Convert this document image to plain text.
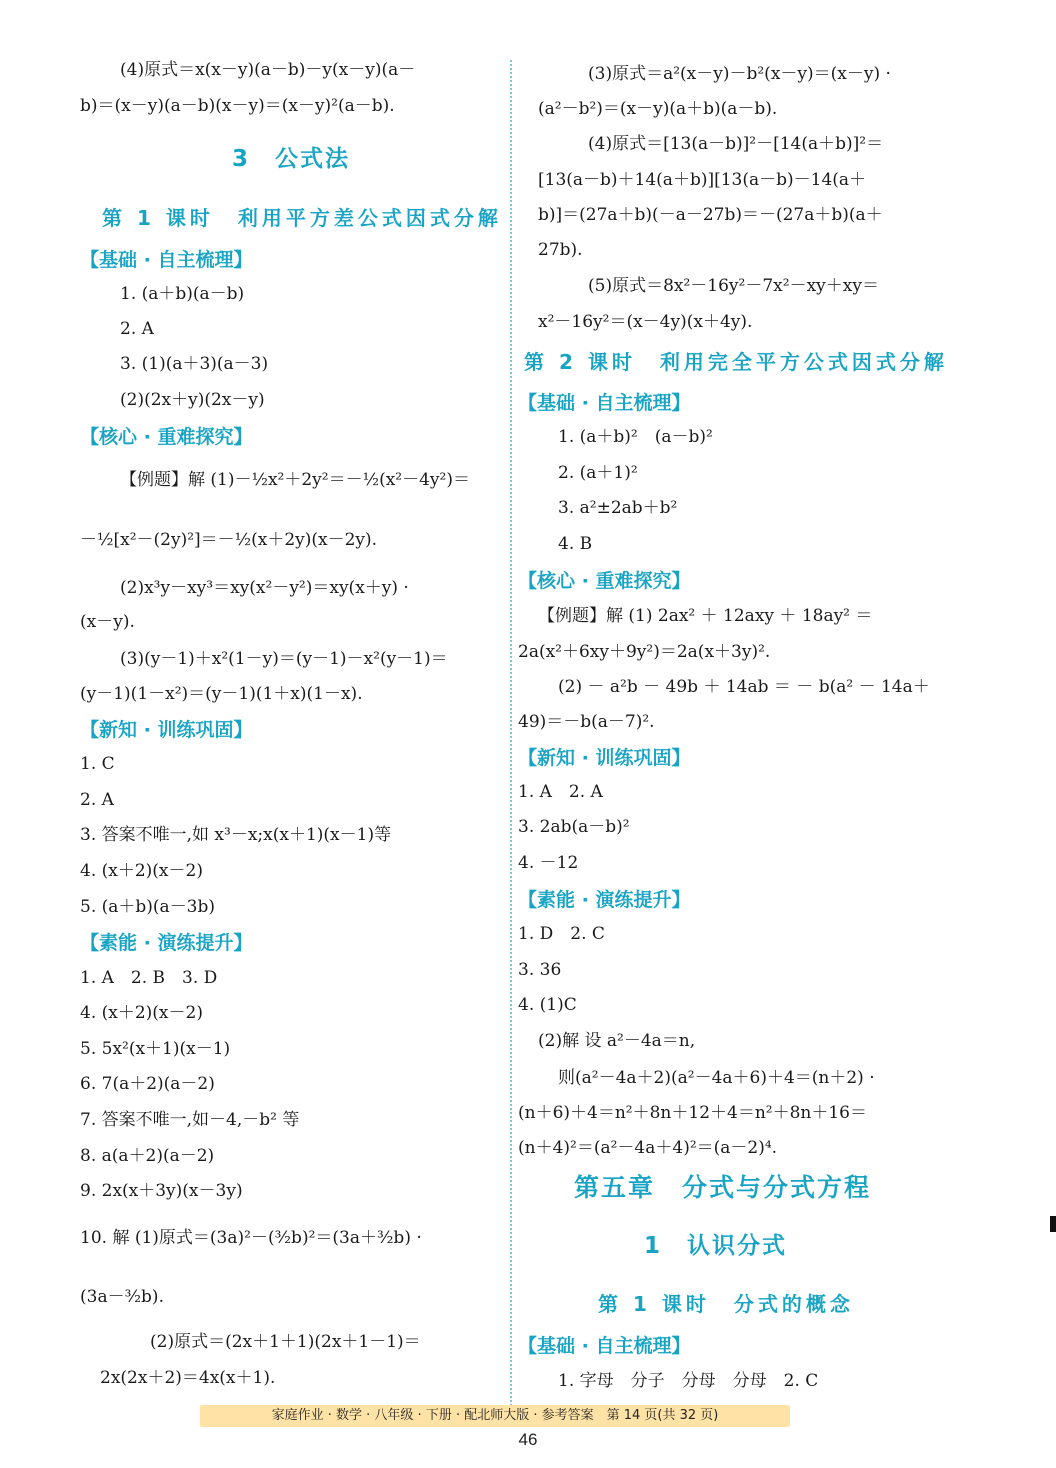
(4)原式＝x(x－y)(a－b)－y(x－y)(a－
b)＝(x－y)(a－b)(x－y)＝(x－y)²(a－b).
3　公式法
第 1 课时　利用平方差公式因式分解
【基础 · 自主梳理】
1. (a＋b)(a－b)
2. A
3. (1)(a＋3)(a－3)
(2)(2x＋y)(2x－y)
【核心 · 重难探究】
【例题】解 (1)－½x²＋2y²＝－½(x²－4y²)＝
－½[x²－(2y)²]＝－½(x＋2y)(x－2y).
(2)x³y－xy³＝xy(x²－y²)＝xy(x＋y) ·
(x－y).
(3)(y－1)＋x²(1－y)＝(y－1)－x²(y－1)＝
(y－1)(1－x²)＝(y－1)(1＋x)(1－x).
【新知 · 训练巩固】
1. C
2. A
3. 答案不唯一,如 x³－x;x(x＋1)(x－1)等
4. (x＋2)(x－2)
5. (a＋b)(a－3b)
【素能 · 演练提升】
1. A　2. B　3. D
4. (x＋2)(x－2)
5. 5x²(x＋1)(x－1)
6. 7(a＋2)(a－2)
7. 答案不唯一,如－4,－b² 等
8. a(a＋2)(a－2)
9. 2x(x＋3y)(x－3y)
10. 解 (1)原式＝(3a)²－(³⁄₂b)²＝(3a＋³⁄₂b) ·
(3a－³⁄₂b).
(2)原式＝(2x＋1＋1)(2x＋1－1)＝
2x(2x＋2)＝4x(x＋1).
(3)原式＝a²(x－y)－b²(x－y)＝(x－y) ·
(a²－b²)＝(x－y)(a＋b)(a－b).
(4)原式＝[13(a－b)]²－[14(a＋b)]²＝
[13(a－b)＋14(a＋b)][13(a－b)－14(a＋
b)]＝(27a＋b)(－a－27b)＝－(27a＋b)(a＋
27b).
(5)原式＝8x²－16y²－7x²－xy＋xy＝
x²－16y²＝(x－4y)(x＋4y).
第 2 课时　利用完全平方公式因式分解
【基础 · 自主梳理】
1. (a＋b)²　(a－b)²
2. (a＋1)²
3. a²±2ab＋b²
4. B
【核心 · 重难探究】
【例题】解 (1) 2ax² ＋ 12axy ＋ 18ay² ＝
2a(x²＋6xy＋9y²)＝2a(x＋3y)².
(2) － a²b － 49b ＋ 14ab ＝ － b(a² － 14a＋
49)＝－b(a－7)².
【新知 · 训练巩固】
1. A　2. A
3. 2ab(a－b)²
4. －12
【素能 · 演练提升】
1. D　2. C
3. 36
4. (1)C
(2)解 设 a²－4a＝n,
则(a²－4a＋2)(a²－4a＋6)＋4＝(n＋2) ·
(n＋6)＋4＝n²＋8n＋12＋4＝n²＋8n＋16＝
(n＋4)²＝(a²－4a＋4)²＝(a－2)⁴.
第五章　分式与分式方程
1　认识分式
第 1 课时　分式的概念
【基础 · 自主梳理】
1. 字母　分子　分母　分母　2. C
家庭作业 · 数学 · 八年级 · 下册 · 配北师大版 · 参考答案　第 14 页(共 32 页)
46
